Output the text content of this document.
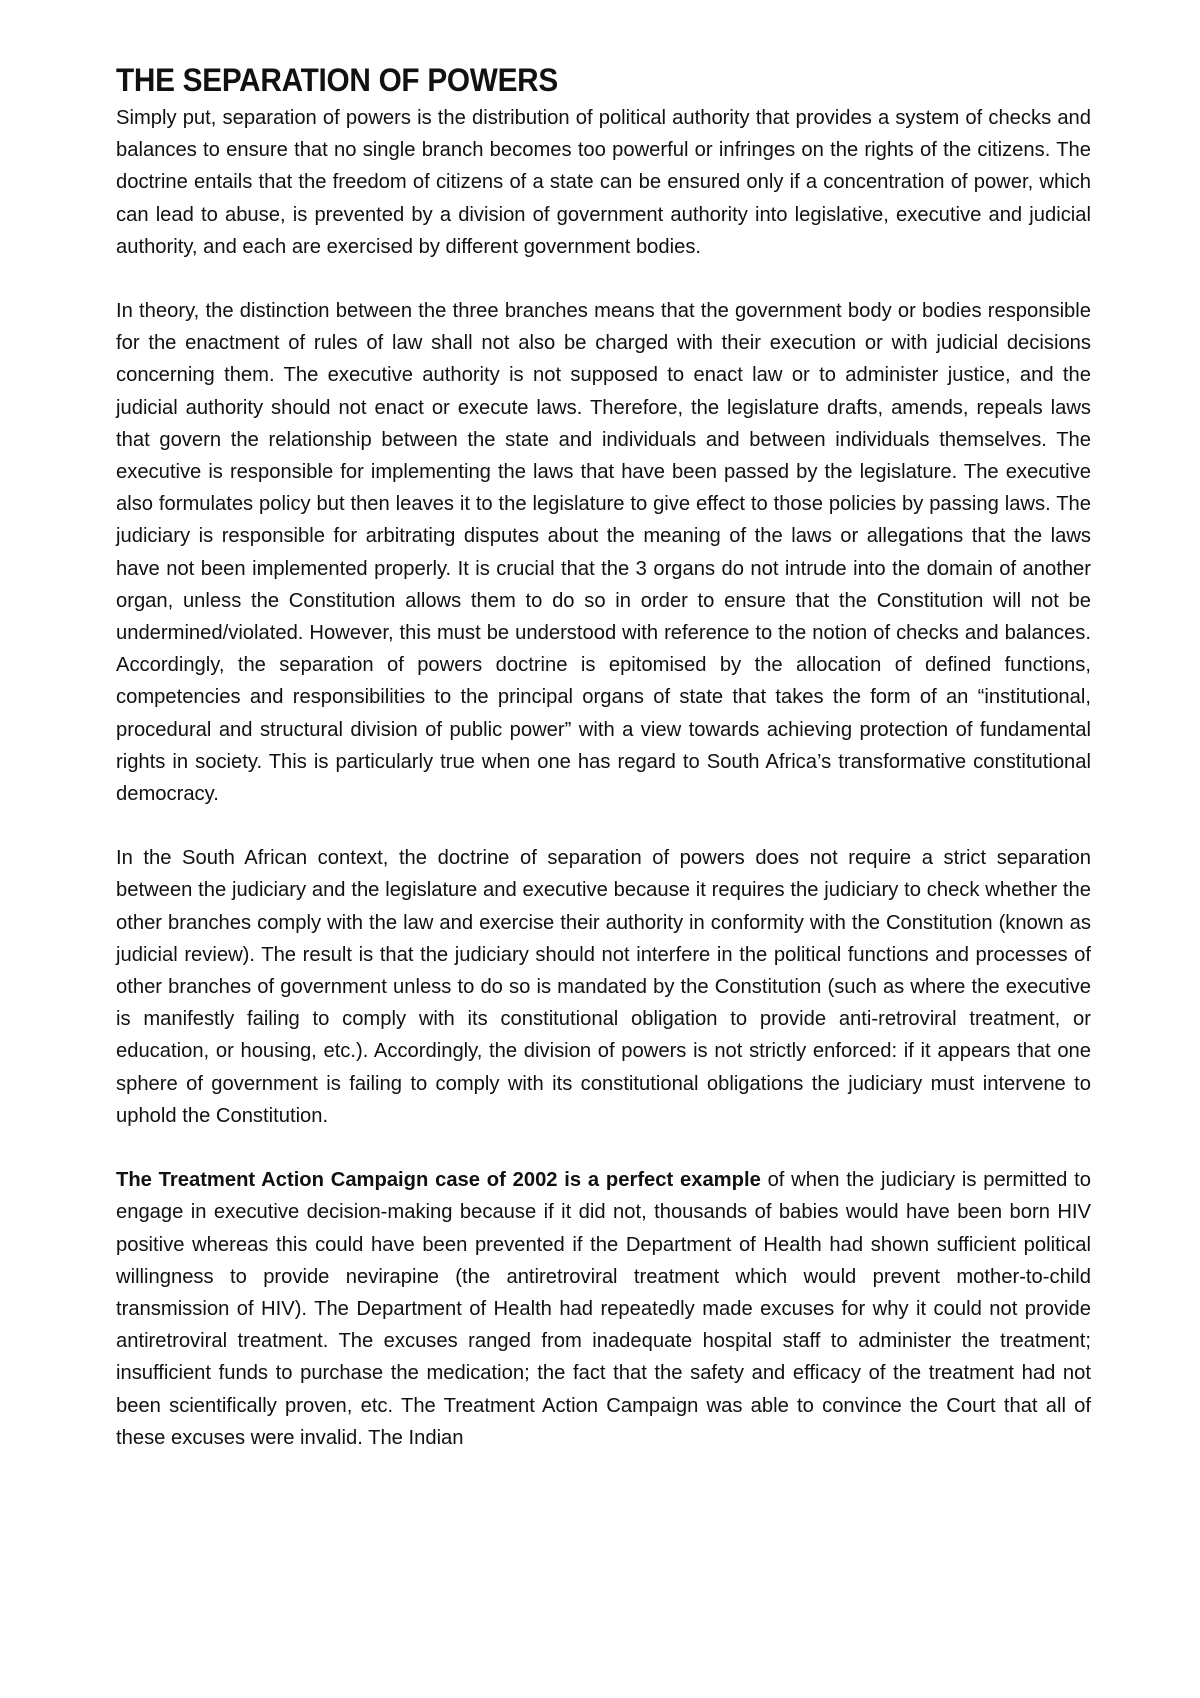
THE SEPARATION OF POWERS

Simply put, separation of powers is the distribution of political authority that provides a system of checks and balances to ensure that no single branch becomes too powerful or infringes on the rights of the citizens. The doctrine entails that the freedom of citizens of a state can be ensured only if a concentration of power, which can lead to abuse, is prevented by a division of government authority into legislative, executive and judicial authority, and each are exercised by different government bodies.

In theory, the distinction between the three branches means that the government body or bodies responsible for the enactment of rules of law shall not also be charged with their execution or with judicial decisions concerning them. The executive authority is not supposed to enact law or to administer justice, and the judicial authority should not enact or execute laws. Therefore, the legislature drafts, amends, repeals laws that govern the relationship between the state and individuals and between individuals themselves. The executive is responsible for implementing the laws that have been passed by the legislature. The executive also formulates policy but then leaves it to the legislature to give effect to those policies by passing laws. The judiciary is responsible for arbitrating disputes about the meaning of the laws or allegations that the laws have not been implemented properly. It is crucial that the 3 organs do not intrude into the domain of another organ, unless the Constitution allows them to do so in order to ensure that the Constitution will not be undermined/violated. However, this must be understood with reference to the notion of checks and balances. Accordingly, the separation of powers doctrine is epitomised by the allocation of defined functions, competencies and responsibilities to the principal organs of state that takes the form of an “institutional, procedural and structural division of public power” with a view towards achieving protection of fundamental rights in society. This is particularly true when one has regard to South Africa’s transformative constitutional democracy.

In the South African context, the doctrine of separation of powers does not require a strict separation between the judiciary and the legislature and executive because it requires the judiciary to check whether the other branches comply with the law and exercise their authority in conformity with the Constitution (known as judicial review). The result is that the judiciary should not interfere in the political functions and processes of other branches of government unless to do so is mandated by the Constitution (such as where the executive is manifestly failing to comply with its constitutional obligation to provide anti-retroviral treatment, or education, or housing, etc.). Accordingly, the division of powers is not strictly enforced: if it appears that one sphere of government is failing to comply with its constitutional obligations the judiciary must intervene to uphold the Constitution.

The Treatment Action Campaign case of 2002 is a perfect example of when the judiciary is permitted to engage in executive decision-making because if it did not, thousands of babies would have been born HIV positive whereas this could have been prevented if the Department of Health had shown sufficient political willingness to provide nevirapine (the antiretroviral treatment which would prevent mother-to-child transmission of HIV). The Department of Health had repeatedly made excuses for why it could not provide antiretroviral treatment. The excuses ranged from inadequate hospital staff to administer the treatment; insufficient funds to purchase the medication; the fact that the safety and efficacy of the treatment had not been scientifically proven, etc. The Treatment Action Campaign was able to convince the Court that all of these excuses were invalid. The Indian
